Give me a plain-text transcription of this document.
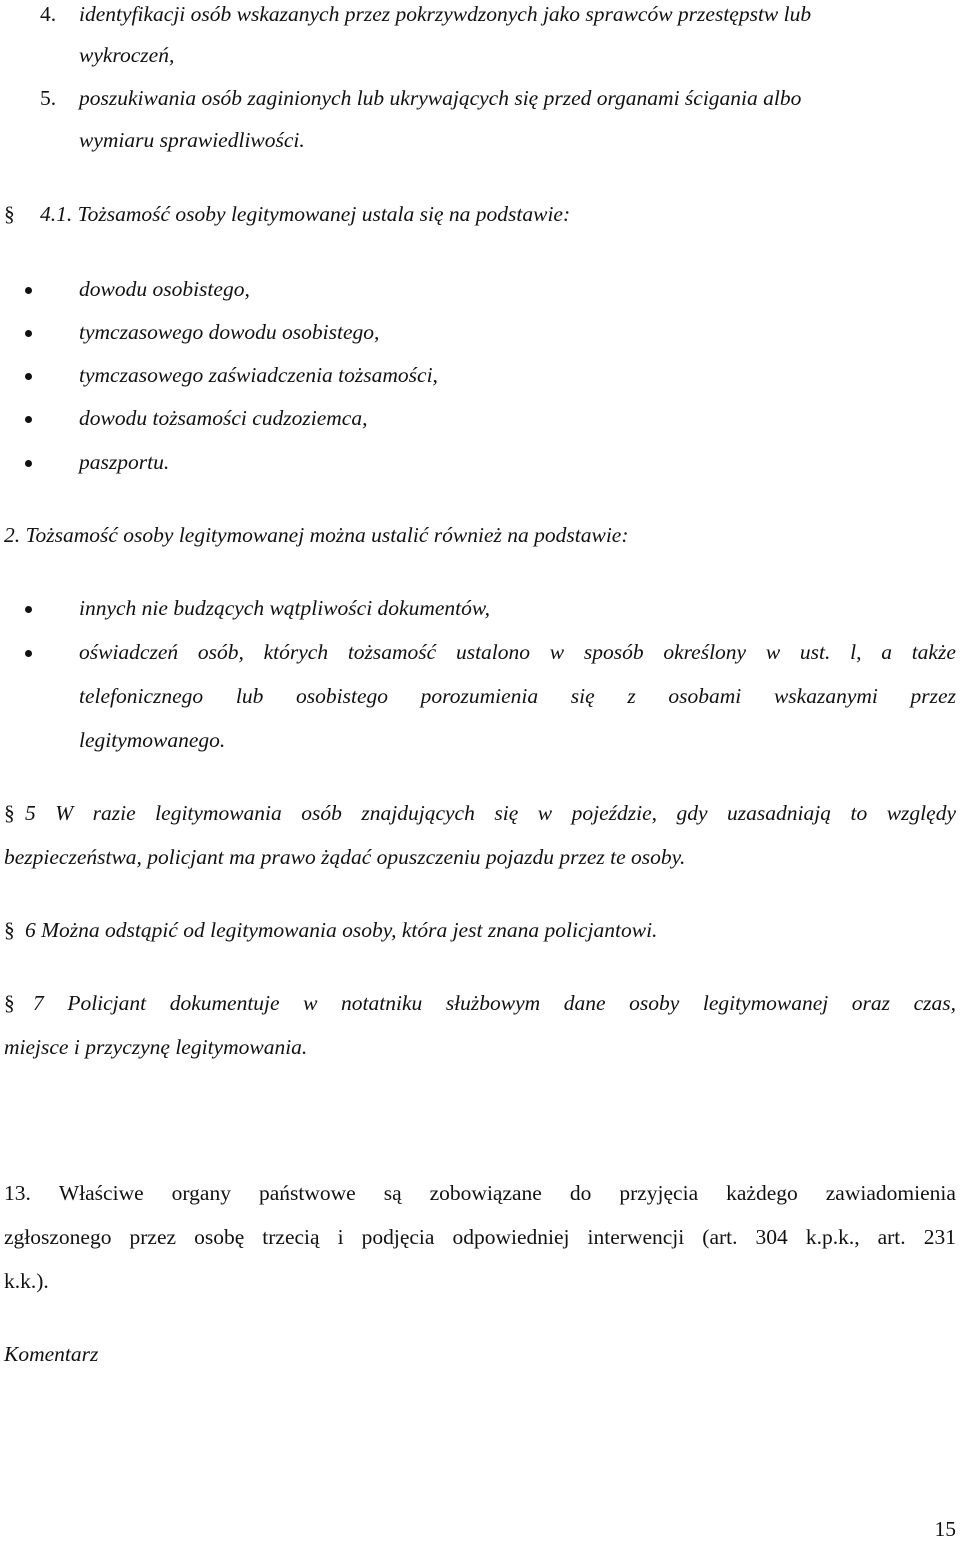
4. identyfikacji osób wskazanych przez pokrzywdzonych jako sprawców przestępstw lub
wykroczeń,
5. poszukiwania osób zaginionych lub ukrywających się przed organami ścigania albo
wymiaru sprawiedliwości.
§ 4.1. Tożsamość osoby legitymowanej ustala się na podstawie:
dowodu osobistego,
tymczasowego dowodu osobistego,
tymczasowego zaświadczenia tożsamości,
dowodu tożsamości cudzoziemca,
paszportu.
2. Tożsamość osoby legitymowanej można ustalić również na podstawie:
innych nie budzących wątpliwości dokumentów,
oświadczeń osób, których tożsamość ustalono w sposób określony w ust. l, a także
telefonicznego lub osobistego porozumienia się z osobami wskazanymi przez
legitymowanego.
§ 5 W razie legitymowania osób znajdujących się w pojeździe, gdy uzasadniają to względy
bezpieczeństwa, policjant ma prawo żądać opuszczeniu pojazdu przez te osoby.
§ 6 Można odstąpić od legitymowania osoby, która jest znana policjantowi.
§ 7 Policjant dokumentuje w notatniku służbowym dane osoby legitymowanej oraz czas,
miejsce i przyczynę legitymowania.
13. Właściwe organy państwowe są zobowiązane do przyjęcia każdego zawiadomienia
zgłoszonego przez osobę trzecią i podjęcia odpowiedniej interwencji (art. 304 k.p.k., art. 231
k.k.).
Komentarz
15
